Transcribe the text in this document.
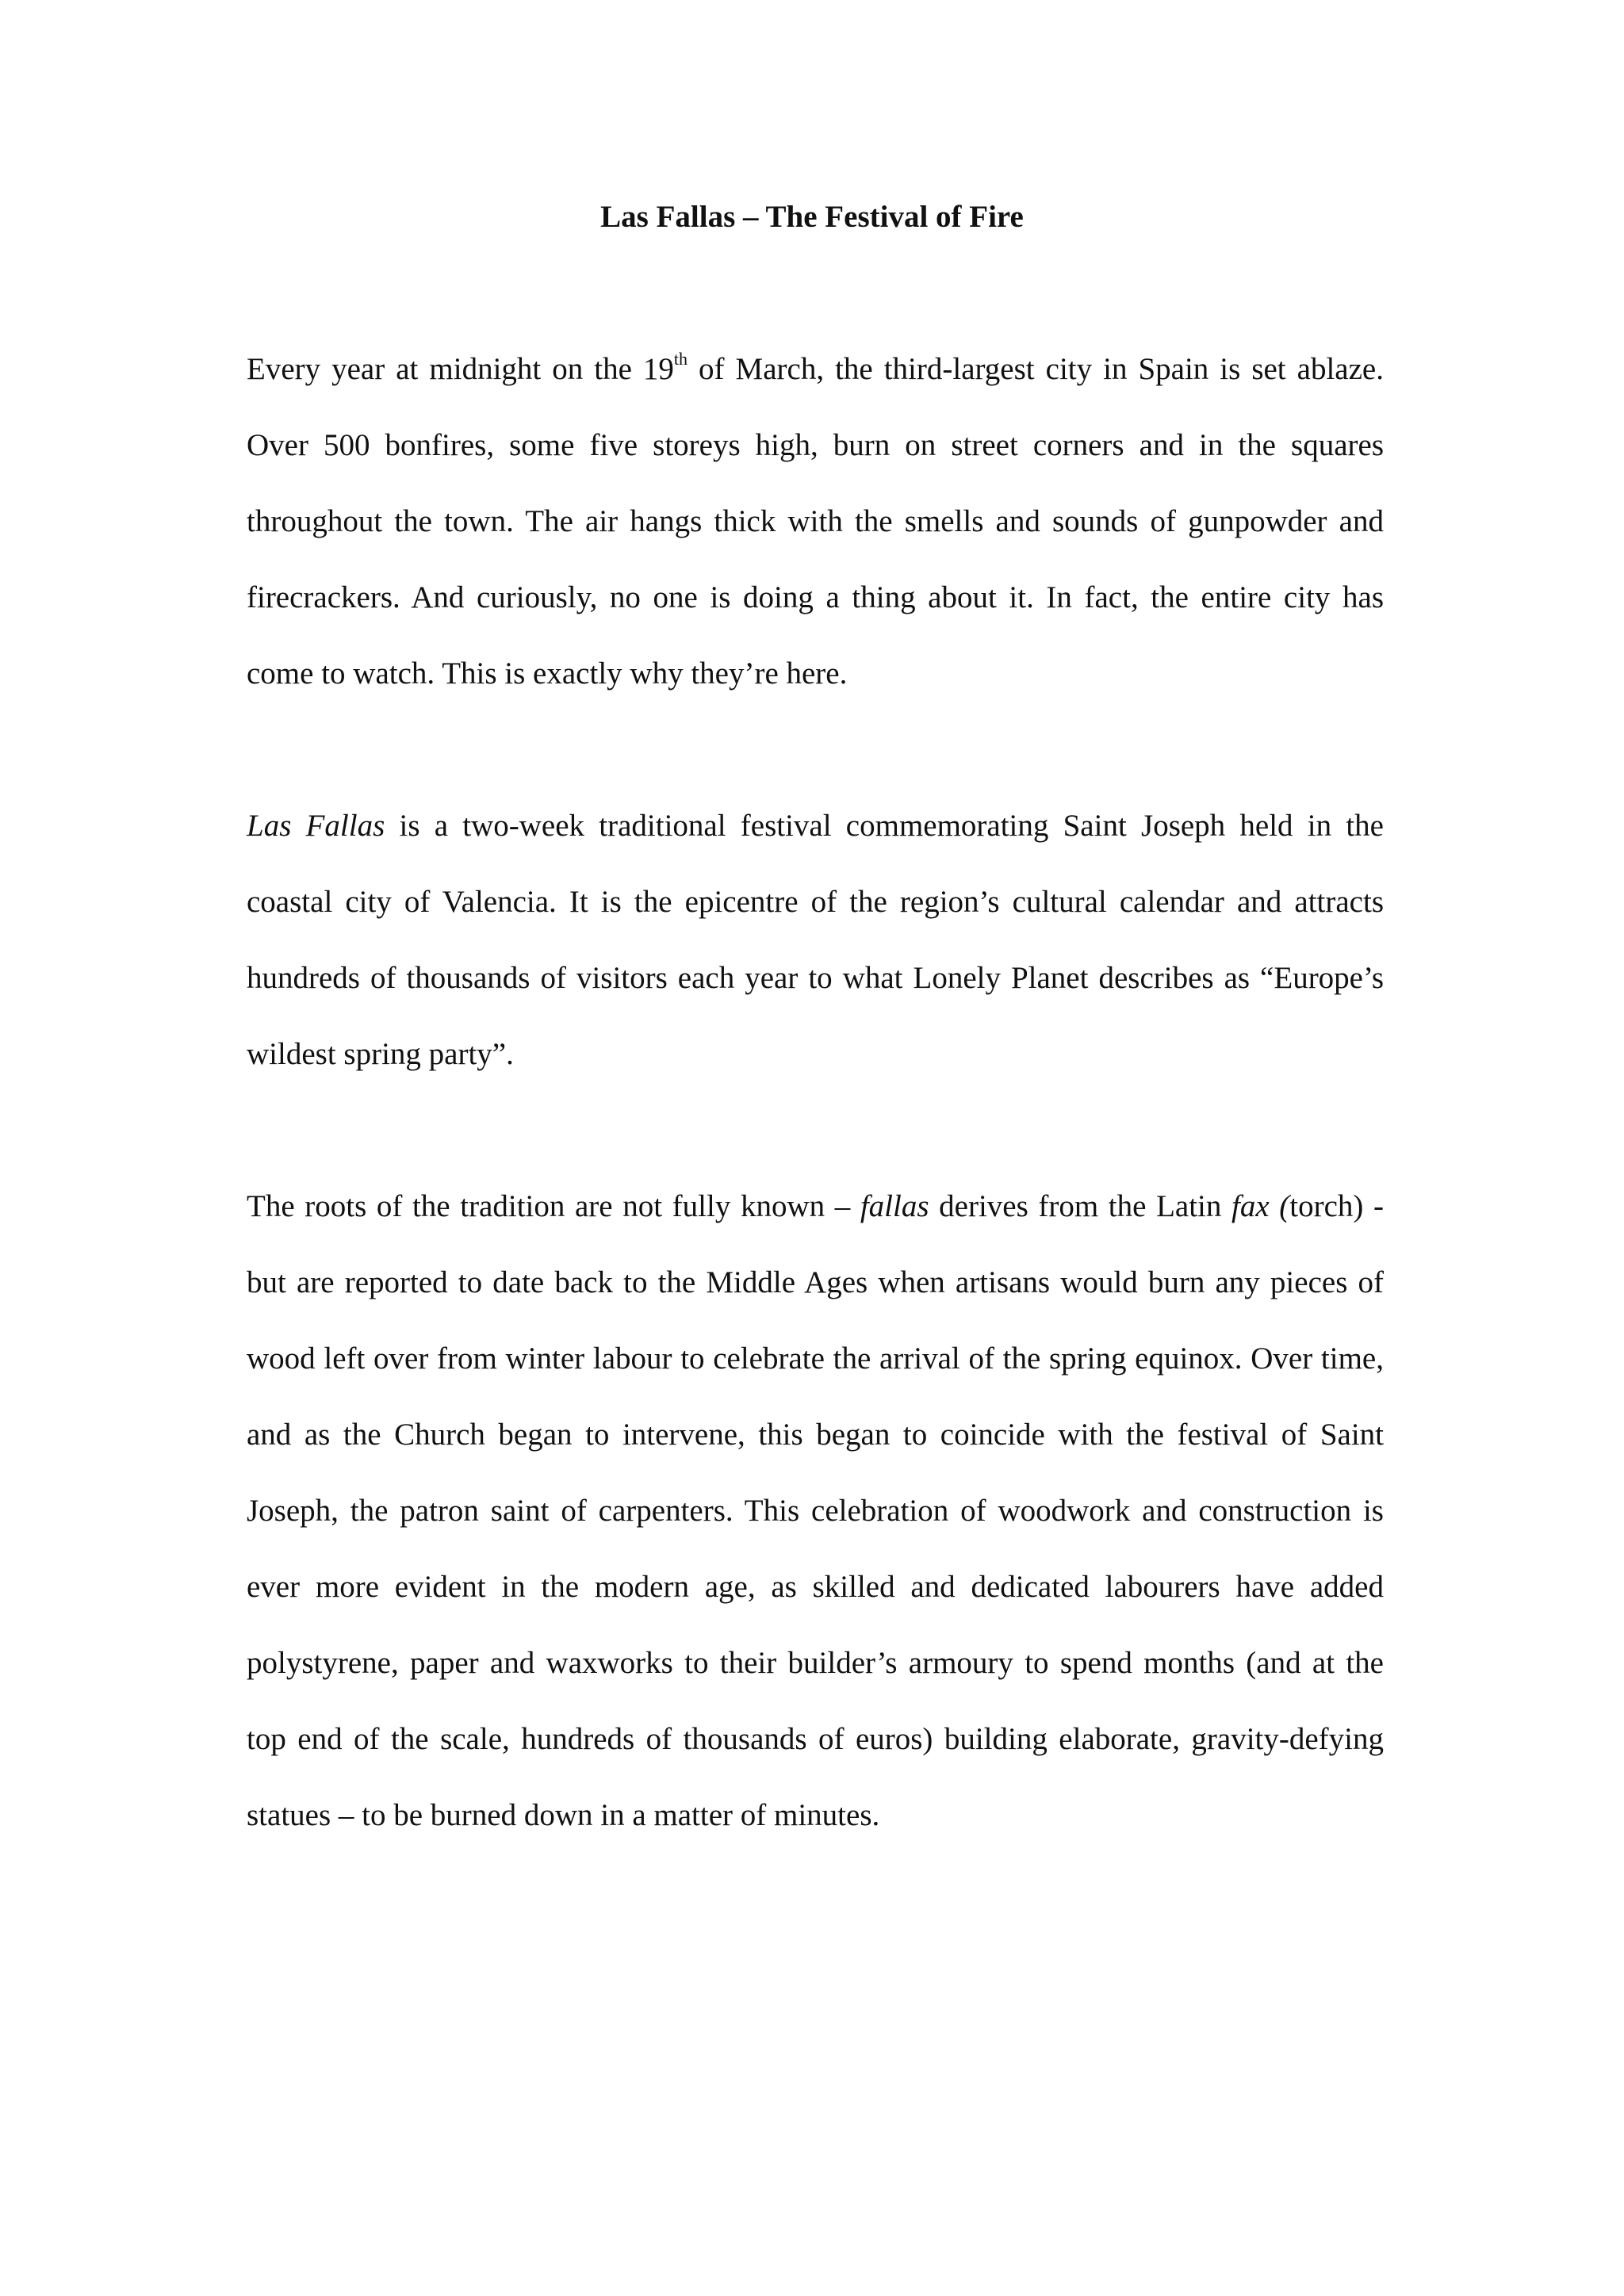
Las Fallas – The Festival of Fire

Every year at midnight on the 19th of March, the third-largest city in Spain is set ablaze. Over 500 bonfires, some five storeys high, burn on street corners and in the squares throughout the town. The air hangs thick with the smells and sounds of gunpowder and firecrackers. And curiously, no one is doing a thing about it. In fact, the entire city has come to watch. This is exactly why they’re here.

Las Fallas is a two-week traditional festival commemorating Saint Joseph held in the coastal city of Valencia. It is the epicentre of the region’s cultural calendar and attracts hundreds of thousands of visitors each year to what Lonely Planet describes as “Europe’s wildest spring party”.

The roots of the tradition are not fully known – fallas derives from the Latin fax (torch) - but are reported to date back to the Middle Ages when artisans would burn any pieces of wood left over from winter labour to celebrate the arrival of the spring equinox. Over time, and as the Church began to intervene, this began to coincide with the festival of Saint Joseph, the patron saint of carpenters. This celebration of woodwork and construction is ever more evident in the modern age, as skilled and dedicated labourers have added polystyrene, paper and waxworks to their builder’s armoury to spend months (and at the top end of the scale, hundreds of thousands of euros) building elaborate, gravity-defying statues – to be burned down in a matter of minutes.
